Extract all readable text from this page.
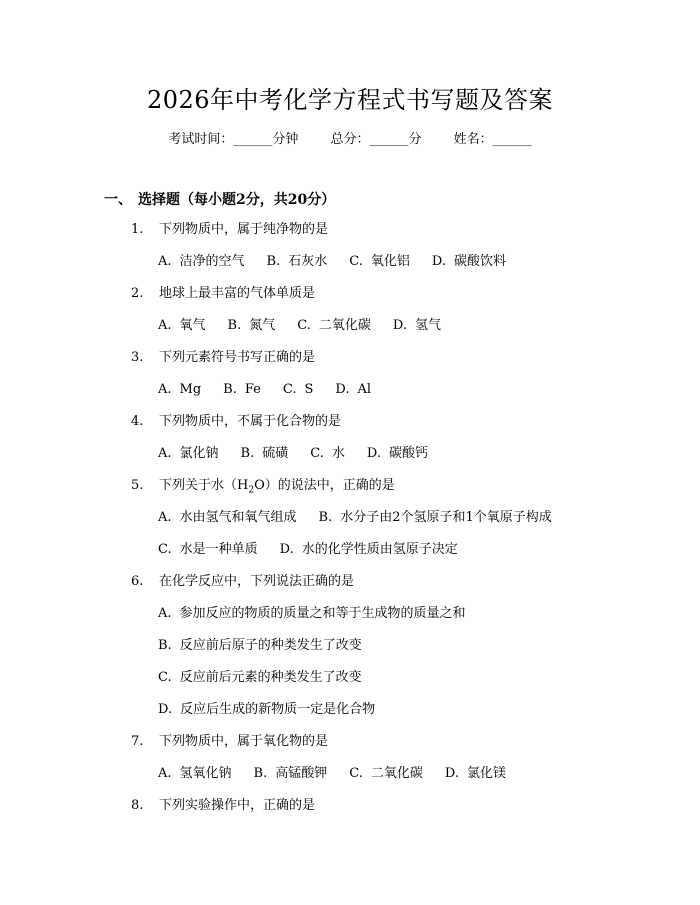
2026年中考化学方程式书写题及答案
考试时间：______分钟 总分：______分 姓名：______
一、 选择题（每小题2分，共20分）
1. 下列物质中，属于纯净物的是
A. 洁净的空气 B. 石灰水 C. 氧化铝 D. 碳酸饮料
2. 地球上最丰富的气体单质是
A. 氧气 B. 氮气 C. 二氧化碳 D. 氢气
3. 下列元素符号书写正确的是
A. Mg B. Fe C. S D. Al
4. 下列物质中，不属于化合物的是
A. 氯化钠 B. 硫磺 C. 水 D. 碳酸钙
5. 下列关于水$(H_2O)$的说法中，正确的是
A. 水由氢气和氧气组成 B. 水分子由2个氢原子和1个氧原子构成
C. 水是一种单质 D. 水的化学性质由氢原子决定
6. 在化学反应中，下列说法正确的是
A. 参加反应的物质的质量之和等于生成物的质量之和
B. 反应前后原子的种类发生了改变
C. 反应前后元素的种类发生了改变
D. 反应后生成的新物质一定是化合物
7. 下列物质中，属于氧化物的是
A. 氢氧化钠 B. 高锰酸钾 C. 二氧化碳 D. 氯化镁
8. 下列实验操作中，正确的是
